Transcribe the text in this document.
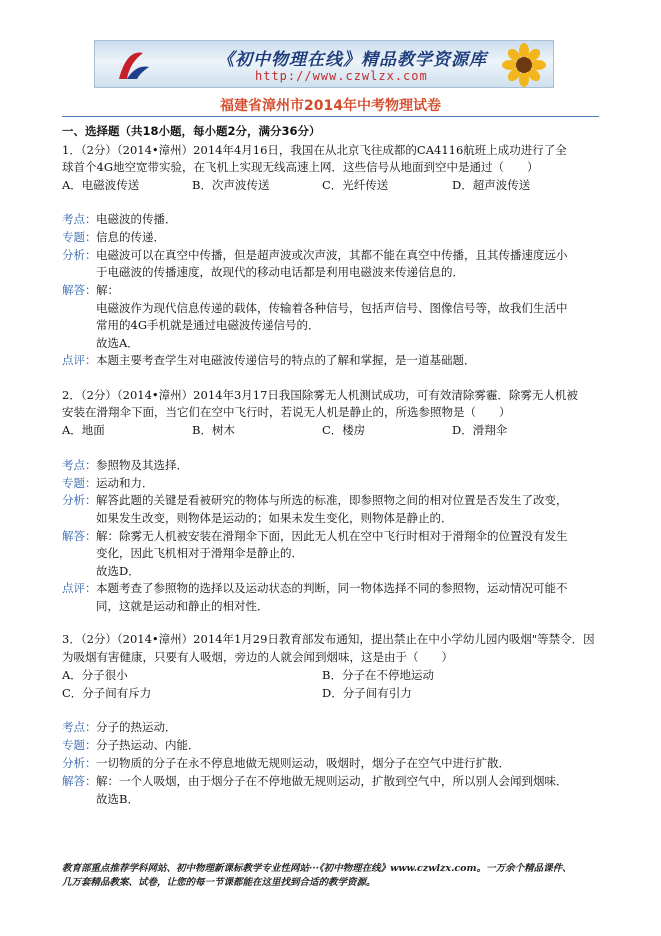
《初中物理在线》精品教学资源库
http://www.czwlzx.com
福建省漳州市2014年中考物理试卷
一、选择题（共18小题，每小题2分，满分36分）
1．（2分）（2014•漳州）2014年4月16日，我国在从北京飞往成都的CA4116航班上成功进行了全
球首个4G地空宽带实验，在飞机上实现无线高速上网．这些信号从地面到空中是通过（　　）
A．电磁波传送	B．次声波传送	C．光纤传送	D．超声波传送
考点： 电磁波的传播．
专题： 信息的传递．
分析： 电磁波可以在真空中传播，但是超声波或次声波，其都不能在真空中传播，且其传播速度远小
于电磁波的传播速度，故现代的移动电话都是利用电磁波来传递信息的．
解答： 解：
电磁波作为现代信息传递的载体，传输着各种信号，包括声信号、图像信号等，故我们生活中
常用的4G手机就是通过电磁波传递信号的．
故选A．
点评： 本题主要考查学生对电磁波传递信号的特点的了解和掌握，是一道基础题．
2．（2分）（2014•漳州）2014年3月17日我国除雾无人机测试成功，可有效清除雾霾．除雾无人机被
安装在滑翔伞下面，当它们在空中飞行时，若说无人机是静止的，所选参照物是（　　）
A．地面	B．树木	C．楼房	D．滑翔伞
考点： 参照物及其选择．
专题： 运动和力．
分析： 解答此题的关键是看被研究的物体与所选的标准，即参照物之间的相对位置是否发生了改变，
如果发生改变，则物体是运动的；如果未发生变化，则物体是静止的．
解答： 解：除雾无人机被安装在滑翔伞下面，因此无人机在空中飞行时相对于滑翔伞的位置没有发生
变化，因此飞机相对于滑翔伞是静止的．
故选D．
点评： 本题考查了参照物的选择以及运动状态的判断，同一物体选择不同的参照物，运动情况可能不
同，这就是运动和静止的相对性．
3．（2分）（2014•漳州）2014年1月29日教育部发布通知，提出禁止在中小学幼儿园内吸烟"等禁令．因
为吸烟有害健康，只要有人吸烟，旁边的人就会闻到烟味，这是由于（　　）
A．分子很小	B．分子在不停地运动
C．分子间有斥力	D．分子间有引力
考点： 分子的热运动．
专题： 分子热运动、内能．
分析： 一切物质的分子在永不停息地做无规则运动，吸烟时，烟分子在空气中进行扩散．
解答： 解：一个人吸烟，由于烟分子在不停地做无规则运动，扩散到空气中，所以别人会闻到烟味．
故选B．
教育部重点推荐学科网站、初中物理新课标教学专业性网站···《初中物理在线》www.czwlzx.com。一万余个精品课件、
几万套精品教案、试卷，让您的每一节课都能在这里找到合适的教学资源。
